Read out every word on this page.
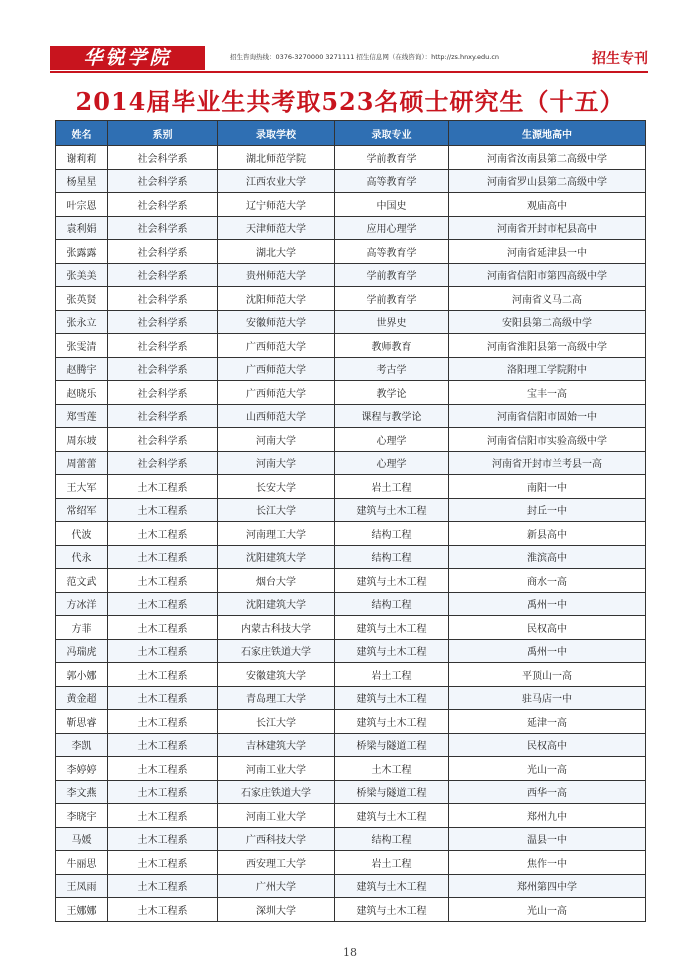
华锐学院	招生咨询热线：0376-3270000 3271111 招生信息网（在线咨询）：http://zs.hnxy.edu.cn	招生专刊
2014届毕业生共考取523名硕士研究生（十五）
姓名	系别	录取学校	录取专业	生源地高中
谢莉莉	社会科学系	湖北师范学院	学前教育学	河南省汝南县第二高级中学
杨星星	社会科学系	江西农业大学	高等教育学	河南省罗山县第二高级中学
叶宗恩	社会科学系	辽宁师范大学	中国史	观庙高中
袁利娟	社会科学系	天津师范大学	应用心理学	河南省开封市杞县高中
张露露	社会科学系	湖北大学	高等教育学	河南省延津县一中
张美美	社会科学系	贵州师范大学	学前教育学	河南省信阳市第四高级中学
张英贤	社会科学系	沈阳师范大学	学前教育学	河南省义马二高
张永立	社会科学系	安徽师范大学	世界史	安阳县第二高级中学
张雯清	社会科学系	广西师范大学	教师教育	河南省淮阳县第一高级中学
赵腾宇	社会科学系	广西师范大学	考古学	洛阳理工学院附中
赵晓乐	社会科学系	广西师范大学	教学论	宝丰一高
郑雪莲	社会科学系	山西师范大学	课程与教学论	河南省信阳市固始一中
周东坡	社会科学系	河南大学	心理学	河南省信阳市实验高级中学
周蕾蕾	社会科学系	河南大学	心理学	河南省开封市兰考县一高
王大军	土木工程系	长安大学	岩土工程	南阳一中
常绍军	土木工程系	长江大学	建筑与土木工程	封丘一中
代波	土木工程系	河南理工大学	结构工程	新县高中
代永	土木工程系	沈阳建筑大学	结构工程	淮滨高中
范文武	土木工程系	烟台大学	建筑与土木工程	商水一高
方冰洋	土木工程系	沈阳建筑大学	结构工程	禹州一中
方菲	土木工程系	内蒙古科技大学	建筑与土木工程	民权高中
冯瑞虎	土木工程系	石家庄铁道大学	建筑与土木工程	禹州一中
郭小娜	土木工程系	安徽建筑大学	岩土工程	平顶山一高
黄金超	土木工程系	青岛理工大学	建筑与土木工程	驻马店一中
靳思睿	土木工程系	长江大学	建筑与土木工程	延津一高
李凯	土木工程系	吉林建筑大学	桥梁与隧道工程	民权高中
李婷婷	土木工程系	河南工业大学	土木工程	光山一高
李文燕	土木工程系	石家庄铁道大学	桥梁与隧道工程	西华一高
李晓宇	土木工程系	河南工业大学	建筑与土木工程	郑州九中
马媛	土木工程系	广西科技大学	结构工程	温县一中
牛丽思	土木工程系	西安理工大学	岩土工程	焦作一中
王凤雨	土木工程系	广州大学	建筑与土木工程	郑州第四中学
王娜娜	土木工程系	深圳大学	建筑与土木工程	光山一高
18
